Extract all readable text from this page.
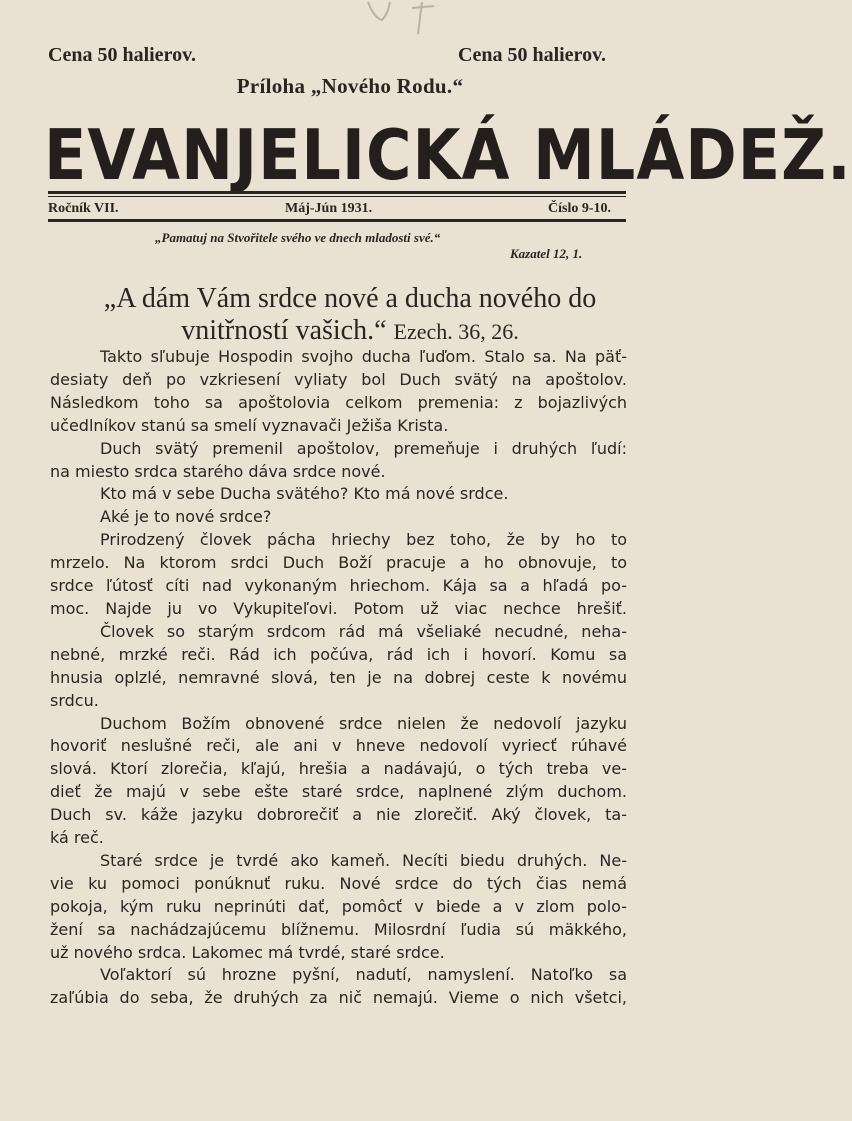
Cena 50 halierov.	Cena 50 halierov.
Príloha „Nového Rodu.“
EVANJELICKÁ MLÁDEŽ.
Ročník VII.	Máj-Jún 1931.	Číslo 9-10.
„Pamatuj na Stvořitele svého ve dnech mladosti své.“
Kazatel 12, 1.
„A dám Vám srdce nové a ducha nového do
vnitřností vašich.“ Ezech. 36, 26.
Takto sľubuje Hospodin svojho ducha ľuďom. Stalo sa. Na päť-
desiaty deň po vzkriesení vyliaty bol Duch svätý na apoštolov.
Následkom toho sa apoštolovia celkom premenia: z bojazlivých
učedlníkov stanú sa smelí vyznavači Ježiša Krista.
Duch svätý premenil apoštolov, premeňuje i druhých ľudí:
na miesto srdca starého dáva srdce nové.
Kto má v sebe Ducha svätého? Kto má nové srdce.
Aké je to nové srdce?
Prirodzený človek pácha hriechy bez toho, že by ho to
mrzelo. Na ktorom srdci Duch Boží pracuje a ho obnovuje, to
srdce ľútosť cíti nad vykonaným hriechom. Kája sa a hľadá po-
moc. Najde ju vo Vykupiteľovi. Potom už viac nechce hrešiť.
Človek so starým srdcom rád má všeliaké necudné, neha-
nebné, mrzké reči. Rád ich počúva, rád ich i hovorí. Komu sa
hnusia oplzlé, nemravné slová, ten je na dobrej ceste k novému
srdcu.
Duchom Božím obnovené srdce nielen že nedovolí jazyku
hovoriť neslušné reči, ale ani v hneve nedovolí vyriecť rúhavé
slová. Ktorí zlorečia, kľajú, hrešia a nadávajú, o tých treba ve-
dieť že majú v sebe ešte staré srdce, naplnené zlým duchom.
Duch sv. káže jazyku dobrorečiť a nie zlorečiť. Aký človek, ta-
ká reč.
Staré srdce je tvrdé ako kameň. Necíti biedu druhých. Ne-
vie ku pomoci ponúknuť ruku. Nové srdce do tých čias nemá
pokoja, kým ruku neprinúti dať, pomôcť v biede a v zlom polo-
žení sa nachádzajúcemu blížnemu. Milosrdní ľudia sú mäkkého,
už nového srdca. Lakomec má tvrdé, staré srdce.
Voľaktorí sú hrozne pyšní, nadutí, namyslení. Natoľko sa
zaľúbia do seba, že druhých za nič nemajú. Vieme o nich všetci,
